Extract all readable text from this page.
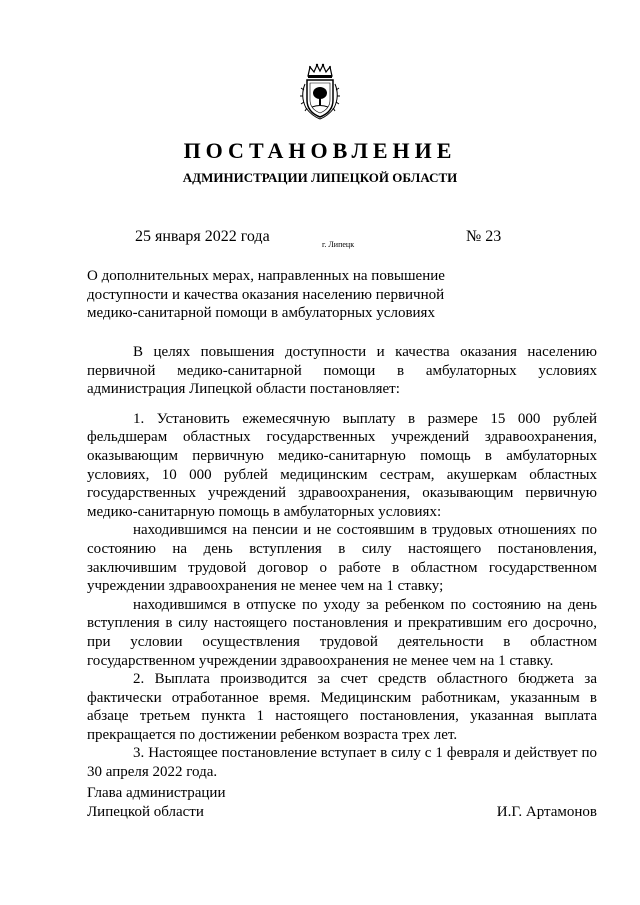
ПОСТАНОВЛЕНИЕ
АДМИНИСТРАЦИИ ЛИПЕЦКОЙ ОБЛАСТИ
25 января 2022 года	г. Липецк	№ 23
О дополнительных мерах, направленных на повышение
доступности и качества оказания населению первичной
медико-санитарной помощи в амбулаторных условиях

В целях повышения доступности и качества оказания населению первичной медико-санитарной помощи в амбулаторных условиях администрация Липецкой области постановляет:

1. Установить ежемесячную выплату в размере 15 000 рублей фельдшерам областных государственных учреждений здравоохранения, оказывающим первичную медико-санитарную помощь в амбулаторных условиях, 10 000 рублей медицинским сестрам, акушеркам областных государственных учреждений здравоохранения, оказывающим первичную медико-санитарную помощь в амбулаторных условиях:

находившимся на пенсии и не состоявшим в трудовых отношениях по состоянию на день вступления в силу настоящего постановления, заключившим трудовой договор о работе в областном государственном учреждении здравоохранения не менее чем на 1 ставку;

находившимся в отпуске по уходу за ребенком по состоянию на день вступления в силу настоящего постановления и прекратившим его досрочно, при условии осуществления трудовой деятельности в областном государственном учреждении здравоохранения не менее чем на 1 ставку.

2. Выплата производится за счет средств областного бюджета за фактически отработанное время. Медицинским работникам, указанным в абзаце третьем пункта 1 настоящего постановления, указанная выплата прекращается по достижении ребенком возраста трех лет.

3. Настоящее постановление вступает в силу с 1 февраля и действует по 30 апреля 2022 года.

Глава администрации
Липецкой области	И.Г. Артамонов
